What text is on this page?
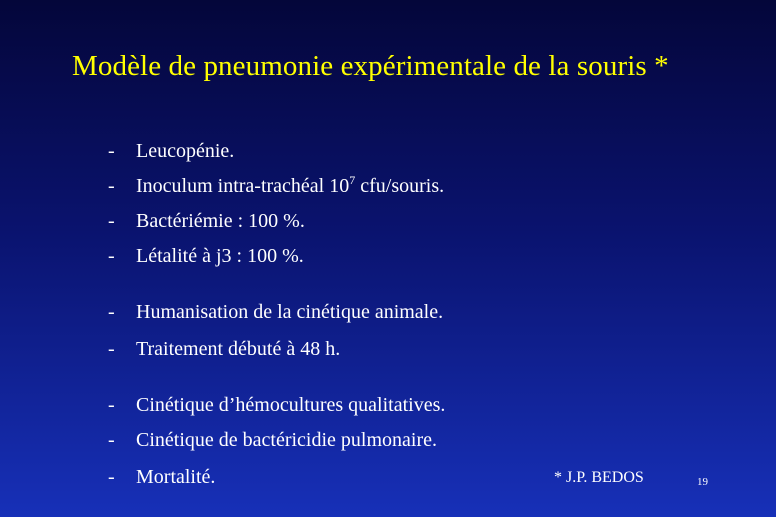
Modèle de pneumonie expérimentale de la souris *
- Leucopénie.
- Inoculum intra-trachéal $10^7$ cfu/souris.
- Bactériémie : 100 %.
- Létalité à j3 : 100 %.
- Humanisation de la cinétique animale.
- Traitement débuté à 48 h.
- Cinétique d’hémocultures qualitatives.
- Cinétique de bactéricidie pulmonaire.
- Mortalité.	* J.P. BEDOS	19
